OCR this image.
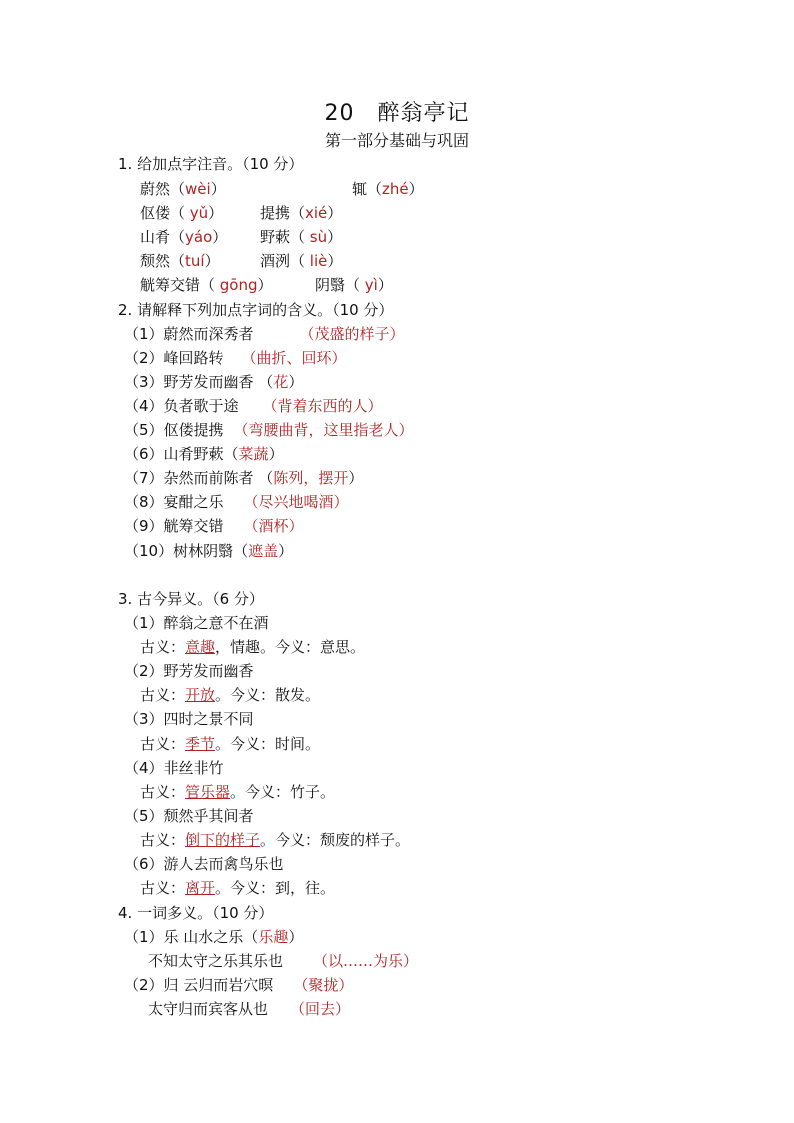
20　醉翁亭记
第一部分基础与巩固
1. 给加点字注音。（10 分）
蔚然（wèi）	辄（zhé）
伛偻（ yǔ） 提携（xié）
山肴（yáo） 野蔌（ sù）
颓然（tuí）	酒洌（ liè）
觥筹交错（ gōng）	阴翳（ yì）
2. 请解释下列加点字词的含义。（10 分）
（1）蔚然而深秀者	（茂盛的样子）
（2）峰回路转 （曲折、回环）
（3）野芳发而幽香 （花）
（4）负者歌于途 （背着东西的人）
（5）伛偻提携 （弯腰曲背，这里指老人）
（6）山肴野蔌（菜蔬）
（7）杂然而前陈者 （陈列，摆开）
（8）宴酣之乐 （尽兴地喝酒）
（9）觥筹交错 （酒杯）
（10）树林阴翳（遮盖）
3. 古今异义。（6 分）
（1）醉翁之意不在酒
古义：意趣，情趣。今义：意思。
（2）野芳发而幽香
古义：开放。今义：散发。
（3）四时之景不同
古义：季节。今义：时间。
（4）非丝非竹
古义：管乐器。今义：竹子。
（5）颓然乎其间者
古义：倒下的样子。今义：颓废的样子。
（6）游人去而禽鸟乐也
古义：离开。今义：到，往。
4. 一词多义。（10 分）
（1）乐 山水之乐（乐趣）
不知太守之乐其乐也 （以……为乐）
（2）归 云归而岩穴暝 （聚拢）
太守归而宾客从也 （回去）
